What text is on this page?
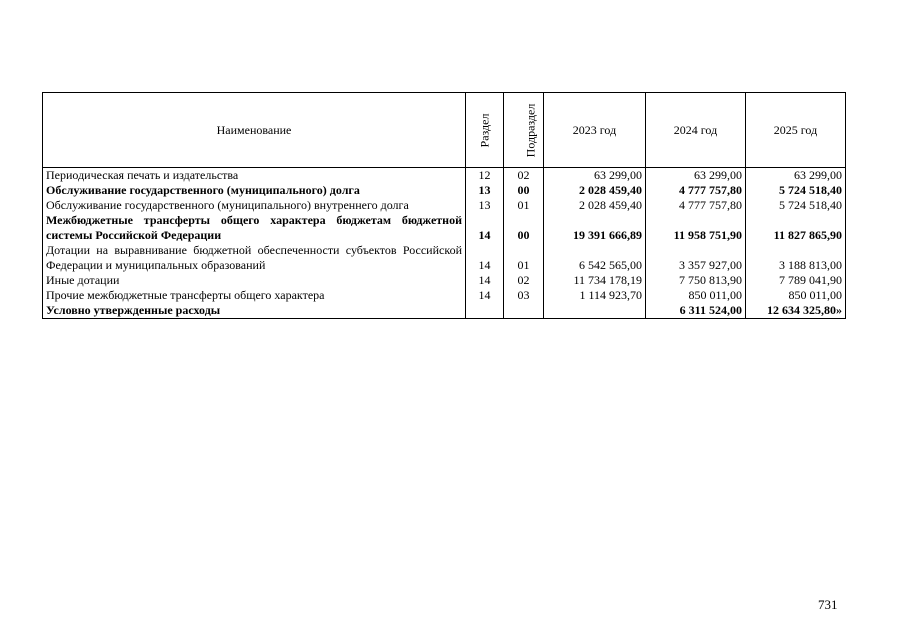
Наименование	Раздел	Подраздел	2023 год	2024 год	2025 год
Периодическая печать и издательства	12	02	63 299,00	63 299,00	63 299,00
Обслуживание государственного (муниципального) долга	13	00	2 028 459,40	4 777 757,80	5 724 518,40
Обслуживание государственного (муниципального) внутреннего долга	13	01	2 028 459,40	4 777 757,80	5 724 518,40
Межбюджетные трансферты общего характера бюджетам бюджетной системы Российской Федерации	14	00	19 391 666,89	11 958 751,90	11 827 865,90
Дотации на выравнивание бюджетной обеспеченности субъектов Российской Федерации и муниципальных образований	14	01	6 542 565,00	3 357 927,00	3 188 813,00
Иные дотации	14	02	11 734 178,19	7 750 813,90	7 789 041,90
Прочие межбюджетные трансферты общего характера	14	03	1 114 923,70	850 011,00	850 011,00
Условно утвержденные расходы				6 311 524,00	12 634 325,80»
731
